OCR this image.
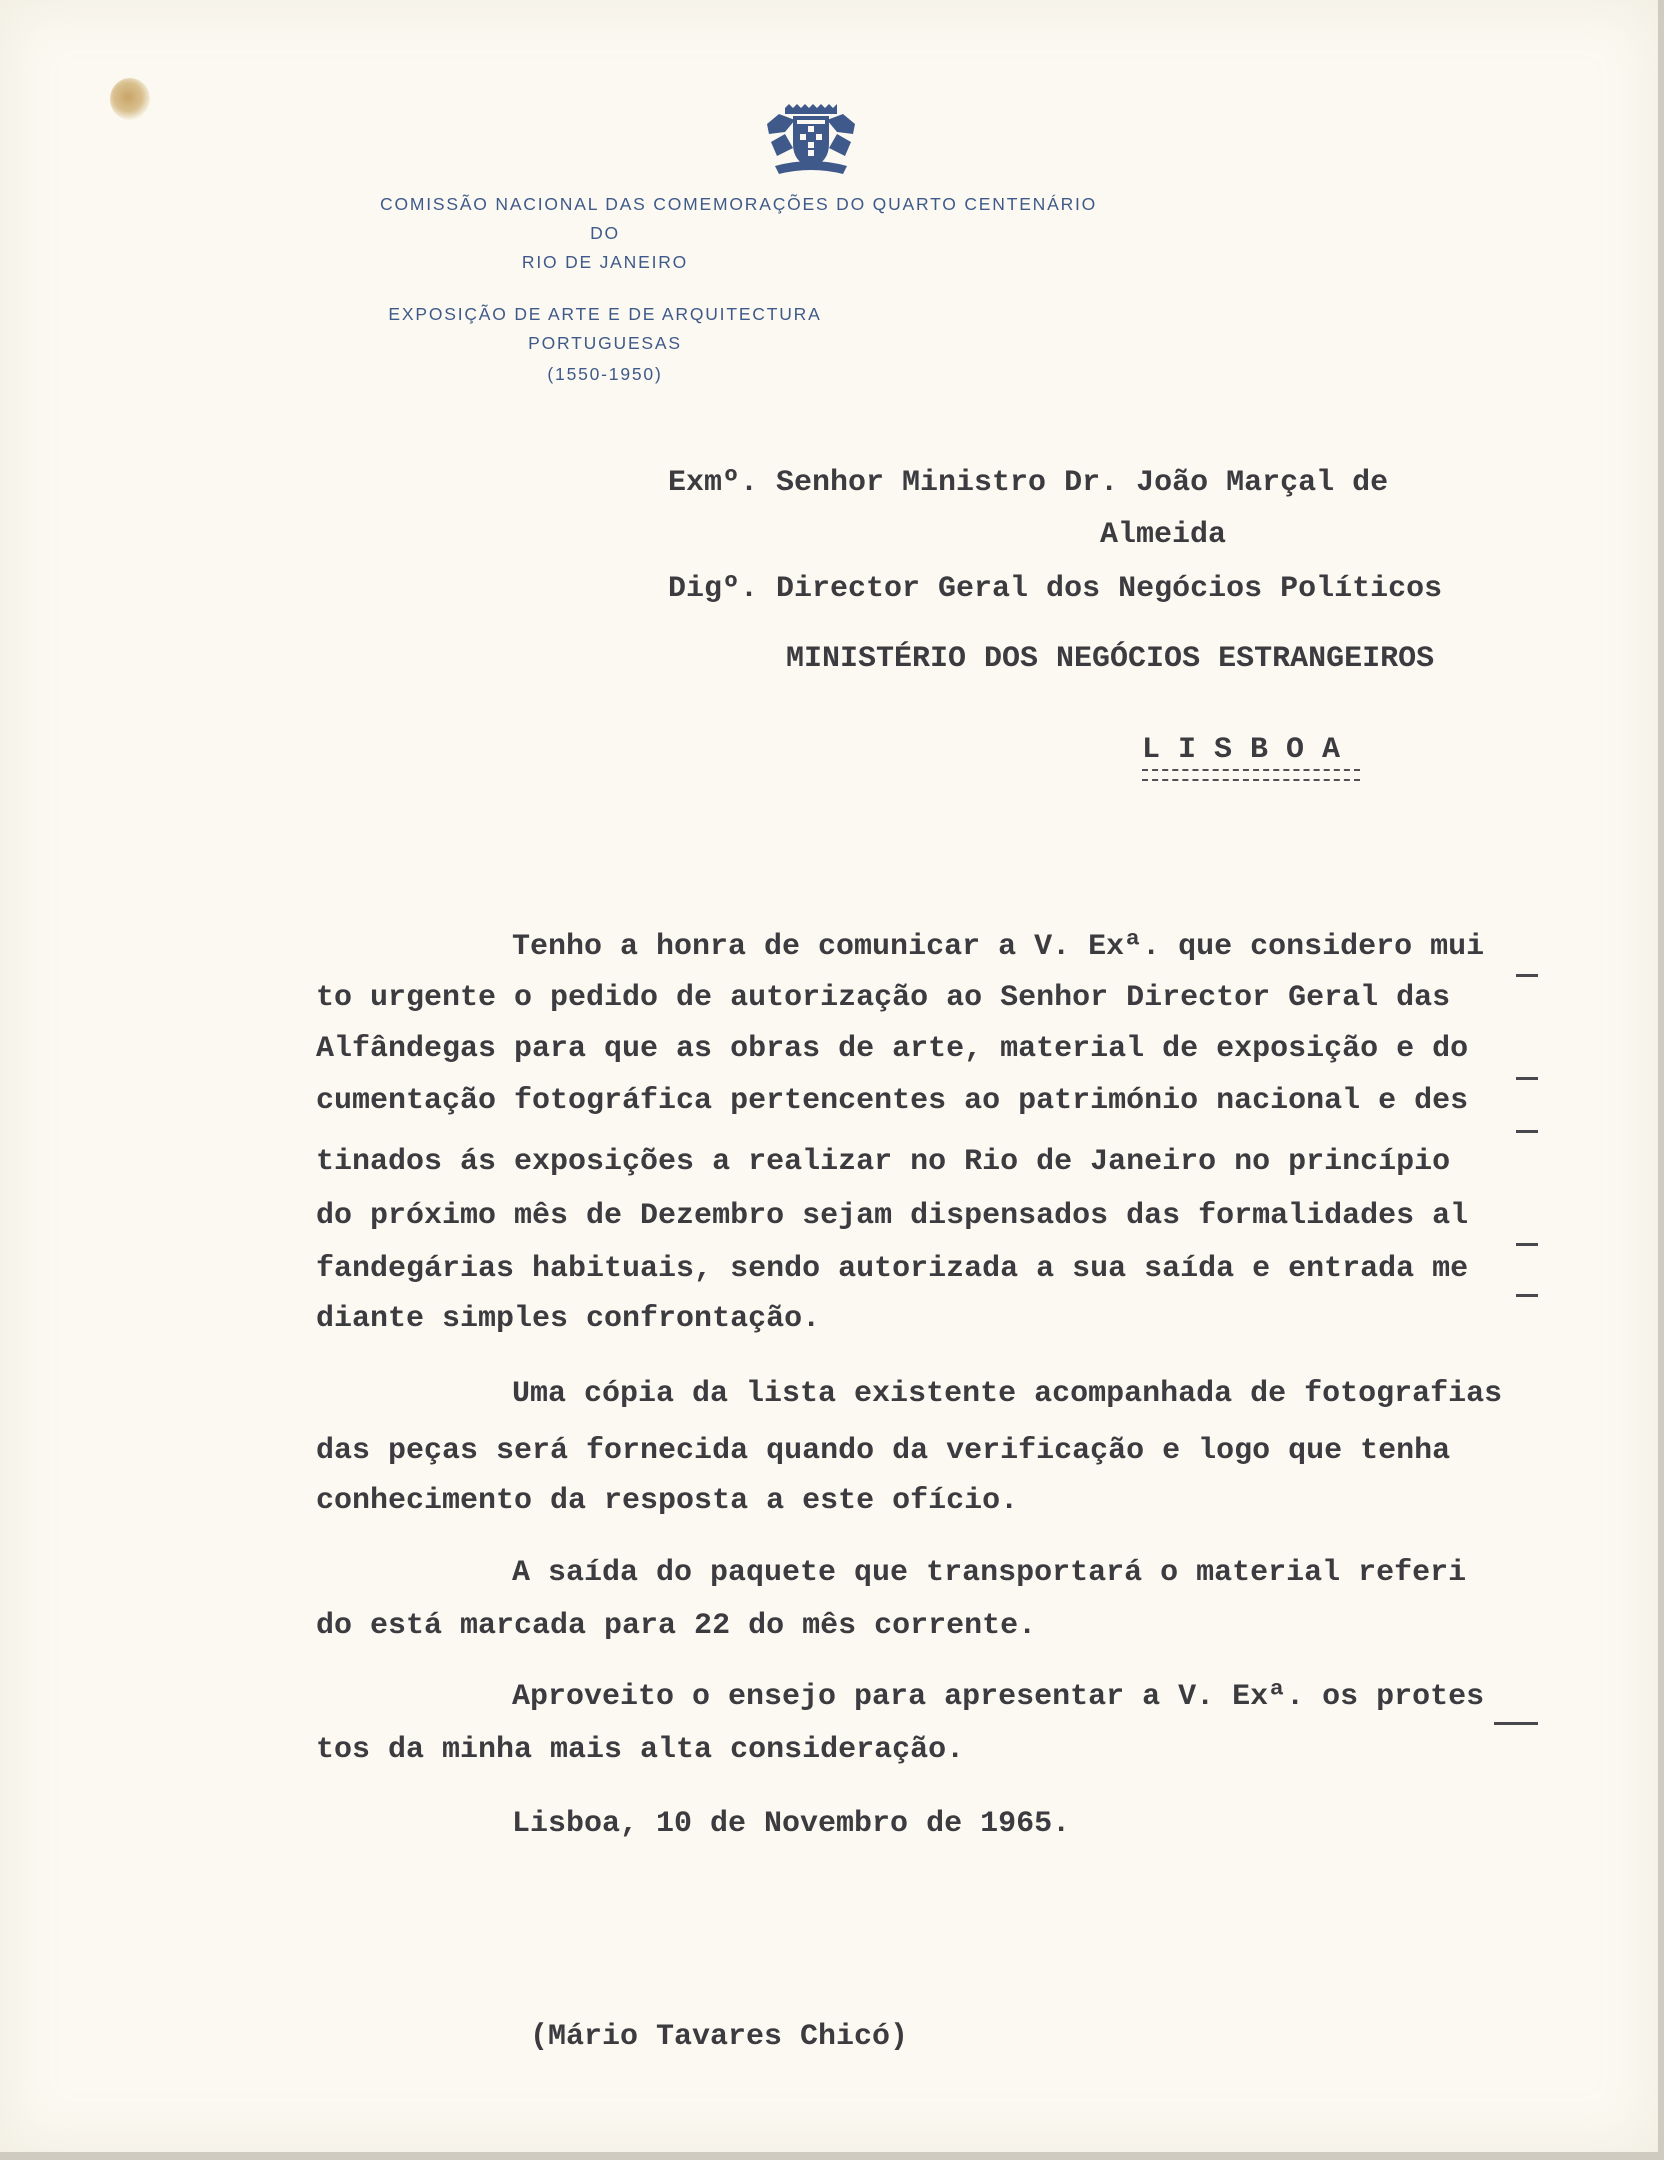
COMISSÃO NACIONAL DAS COMEMORAÇÕES DO QUARTO CENTENÁRIO
DO
RIO DE JANEIRO
EXPOSIÇÃO DE ARTE E DE ARQUITECTURA
PORTUGUESAS
(1550-1950)
Exmº. Senhor Ministro Dr. João Marçal de
Almeida
Digº. Director Geral dos Negócios Políticos
MINISTÉRIO DOS NEGÓCIOS ESTRANGEIROS
L I S B O A
Tenho a honra de comunicar a V. Exª. que considero mui
to urgente o pedido de autorização ao Senhor Director Geral das
Alfândegas para que as obras de arte, material de exposição e do
cumentação fotográfica pertencentes ao património nacional e des
tinados ás exposições a realizar no Rio de Janeiro no princípio
do próximo mês de Dezembro sejam dispensados das formalidades al
fandegárias habituais, sendo autorizada a sua saída e entrada me
diante simples confrontação.
Uma cópia da lista existente acompanhada de fotografias
das peças será fornecida quando da verificação e logo que tenha
conhecimento da resposta a este ofício.
A saída do paquete que transportará o material referi
do está marcada para 22 do mês corrente.
Aproveito o ensejo para apresentar a V. Exª. os protes
tos da minha mais alta consideração.
Lisboa, 10 de Novembro de 1965.
(Mário Tavares Chicó)
